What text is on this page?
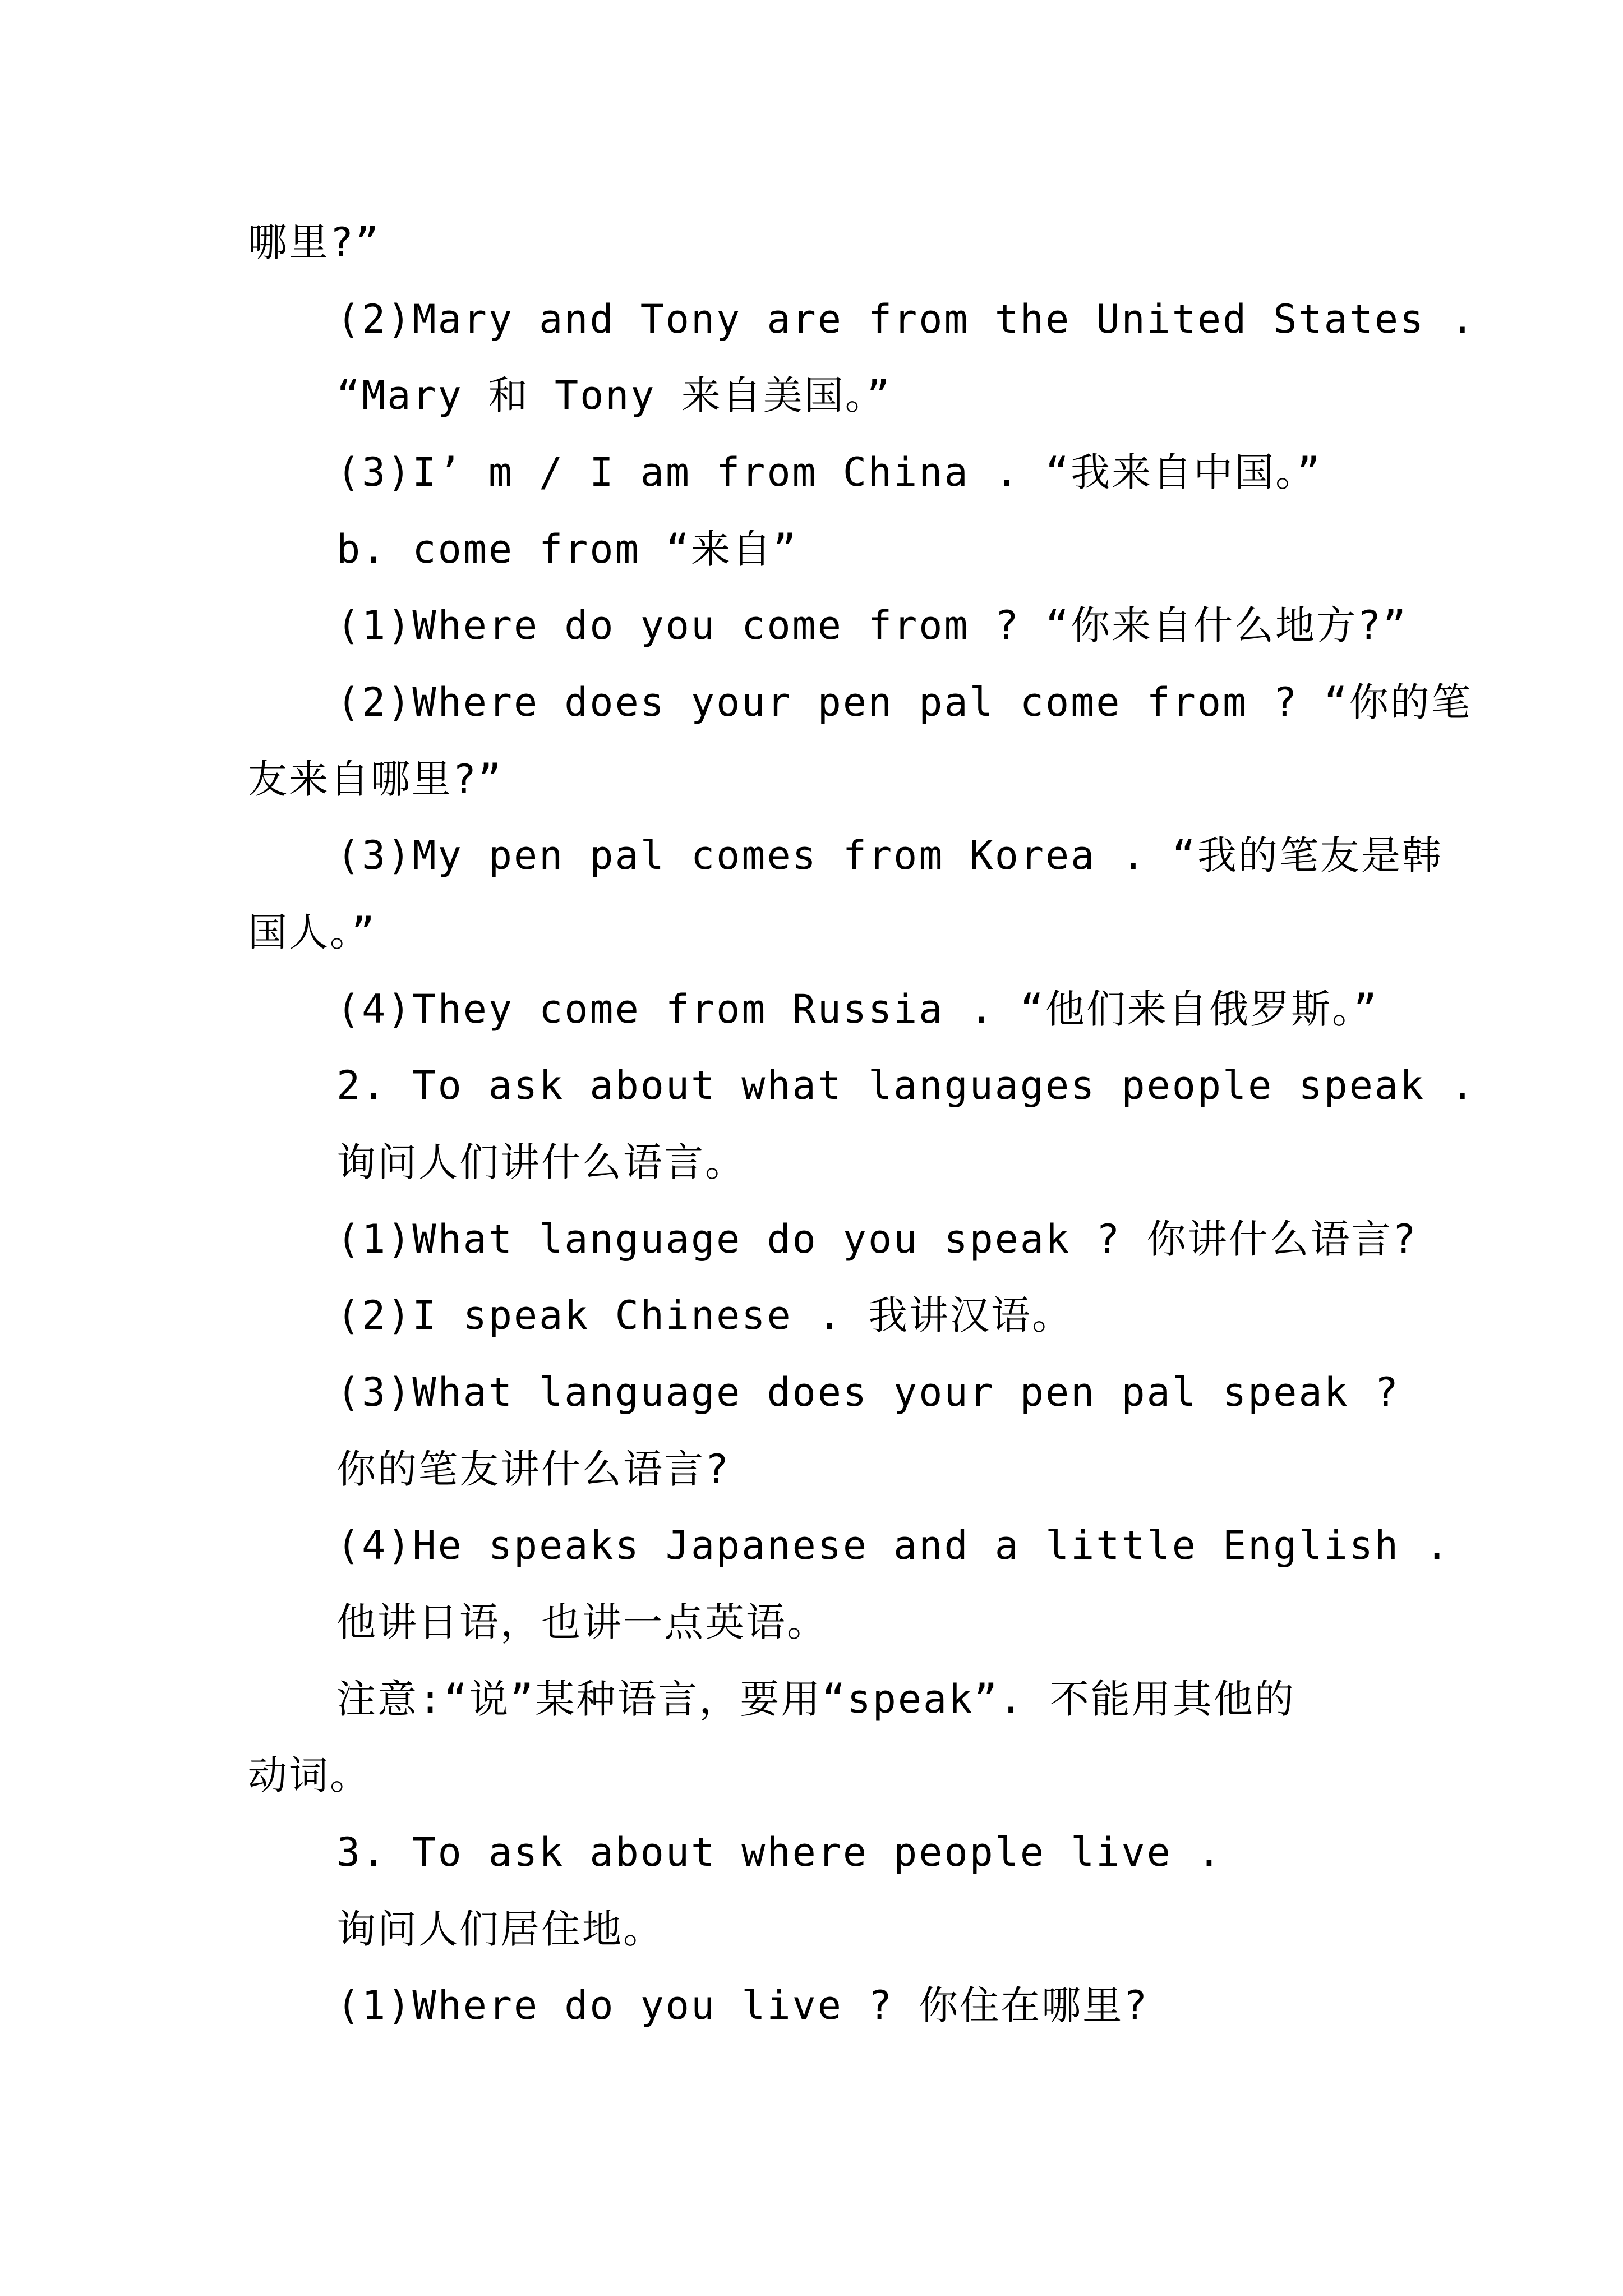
哪里?”
(2)Mary and Tony are from the United States .
“Mary 和 Tony 来自美国。”
(3)I’ m / I am from China . “我来自中国。”
b. come from “来自”
(1)Where do you come from ? “你来自什么地方?”
(2)Where does your pen pal come from ? “你的笔
友来自哪里?”
(3)My pen pal comes from Korea . “我的笔友是韩
国人。”
(4)They come from Russia . “他们来自俄罗斯。”
2. To ask about what languages people speak .
询问人们讲什么语言。
(1)What language do you speak ? 你讲什么语言?
(2)I speak Chinese . 我讲汉语。
(3)What language does your pen pal speak ?
你的笔友讲什么语言?
(4)He speaks Japanese and a little English .
他讲日语，也讲一点英语。
注意:“说”某种语言，要用“speak”. 不能用其他的
动词。
3. To ask about where people live .
询问人们居住地。
(1)Where do you live ? 你住在哪里?
